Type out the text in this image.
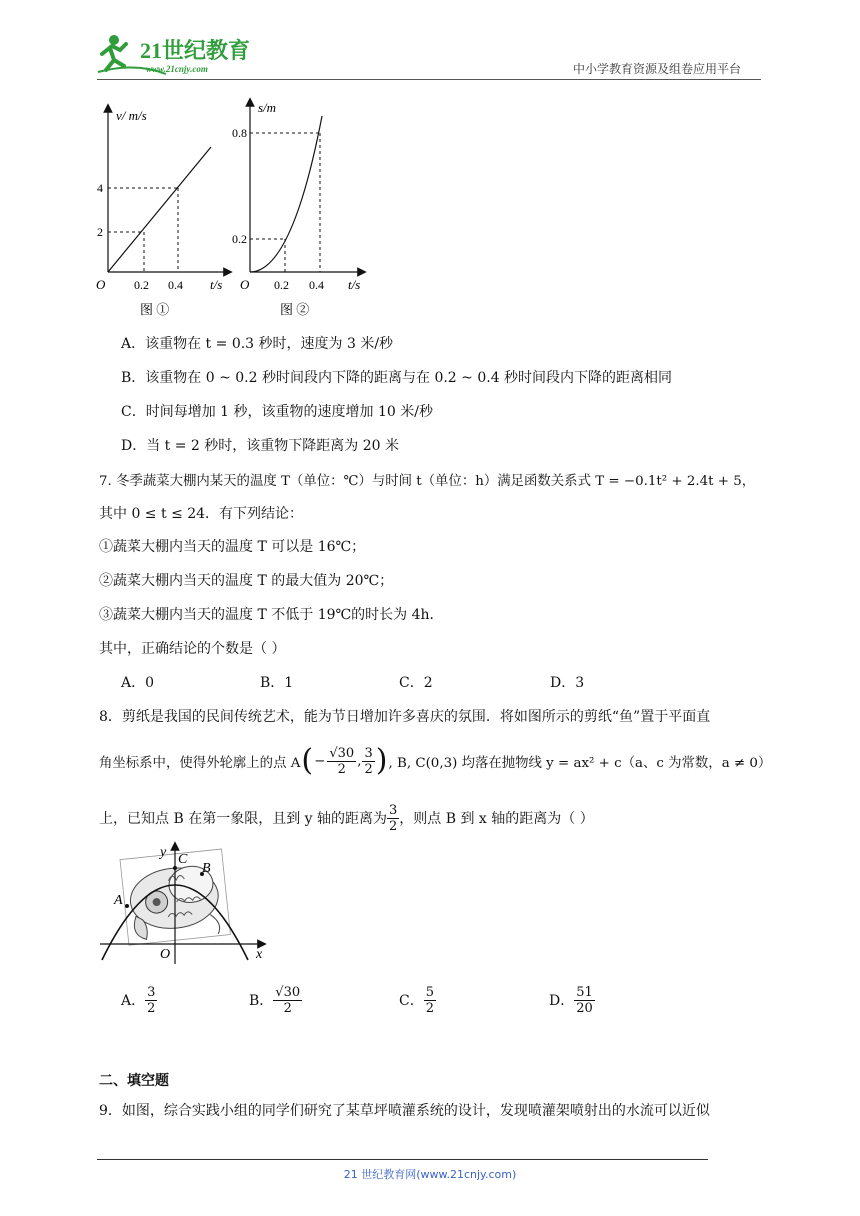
21世纪教育
www.21cnjy.com	中小学教育资源及组卷应用平台
v/ m/s
t/s
O
4
2
0.2 0.4
图 ①
s/m
t/s
O
0.8
0.2
0.2 0.4
图 ②
A．该重物在 t = 0.3 秒时，速度为 3 米/秒
B．该重物在 0 ~ 0.2 秒时间段内下降的距离与在 0.2 ~ 0.4 秒时间段内下降的距离相同
C．时间每增加 1 秒，该重物的速度增加 10 米/秒
D．当 t = 2 秒时，该重物下降距离为 20 米
7. 冬季蔬菜大棚内某天的温度 T（单位：℃）与时间 t（单位：h）满足函数关系式 T = −0.1t² + 2.4t + 5，
其中 0 ≤ t ≤ 24．有下列结论：
①蔬菜大棚内当天的温度 T 可以是 16℃；
②蔬菜大棚内当天的温度 T 的最大值为 20℃；
③蔬菜大棚内当天的温度 T 不低于 19℃的时长为 4h．
其中，正确结论的个数是（ ）
A．0	B．1	C．2	D．3
8．剪纸是我国的民间传统艺术，能为节日增加许多喜庆的氛围．将如图所示的剪纸“鱼”置于平面直
角坐标系中，使得外轮廓上的点 A ( − $\frac{√30}{2}$ , $\frac{3}{2}$ ) , B, C(0,3) 均落在抛物线 y = ax² + c（a、c 为常数，a ≠ 0）
上，已知点 B 在第一象限，且到 y 轴的距离为 $\frac{3}{2}$ ，则点 B 到 x 轴的距离为（ ）
y
x
O
A
B
C
A． $\frac{3}{2}$	B． $\frac{√30}{2}$	C． $\frac{5}{2}$	D． $\frac{51}{20}$
二、填空题
9．如图，综合实践小组的同学们研究了某草坪喷灌系统的设计，发现喷灌架喷射出的水流可以近似
21 世纪教育网(www.21cnjy.com)
